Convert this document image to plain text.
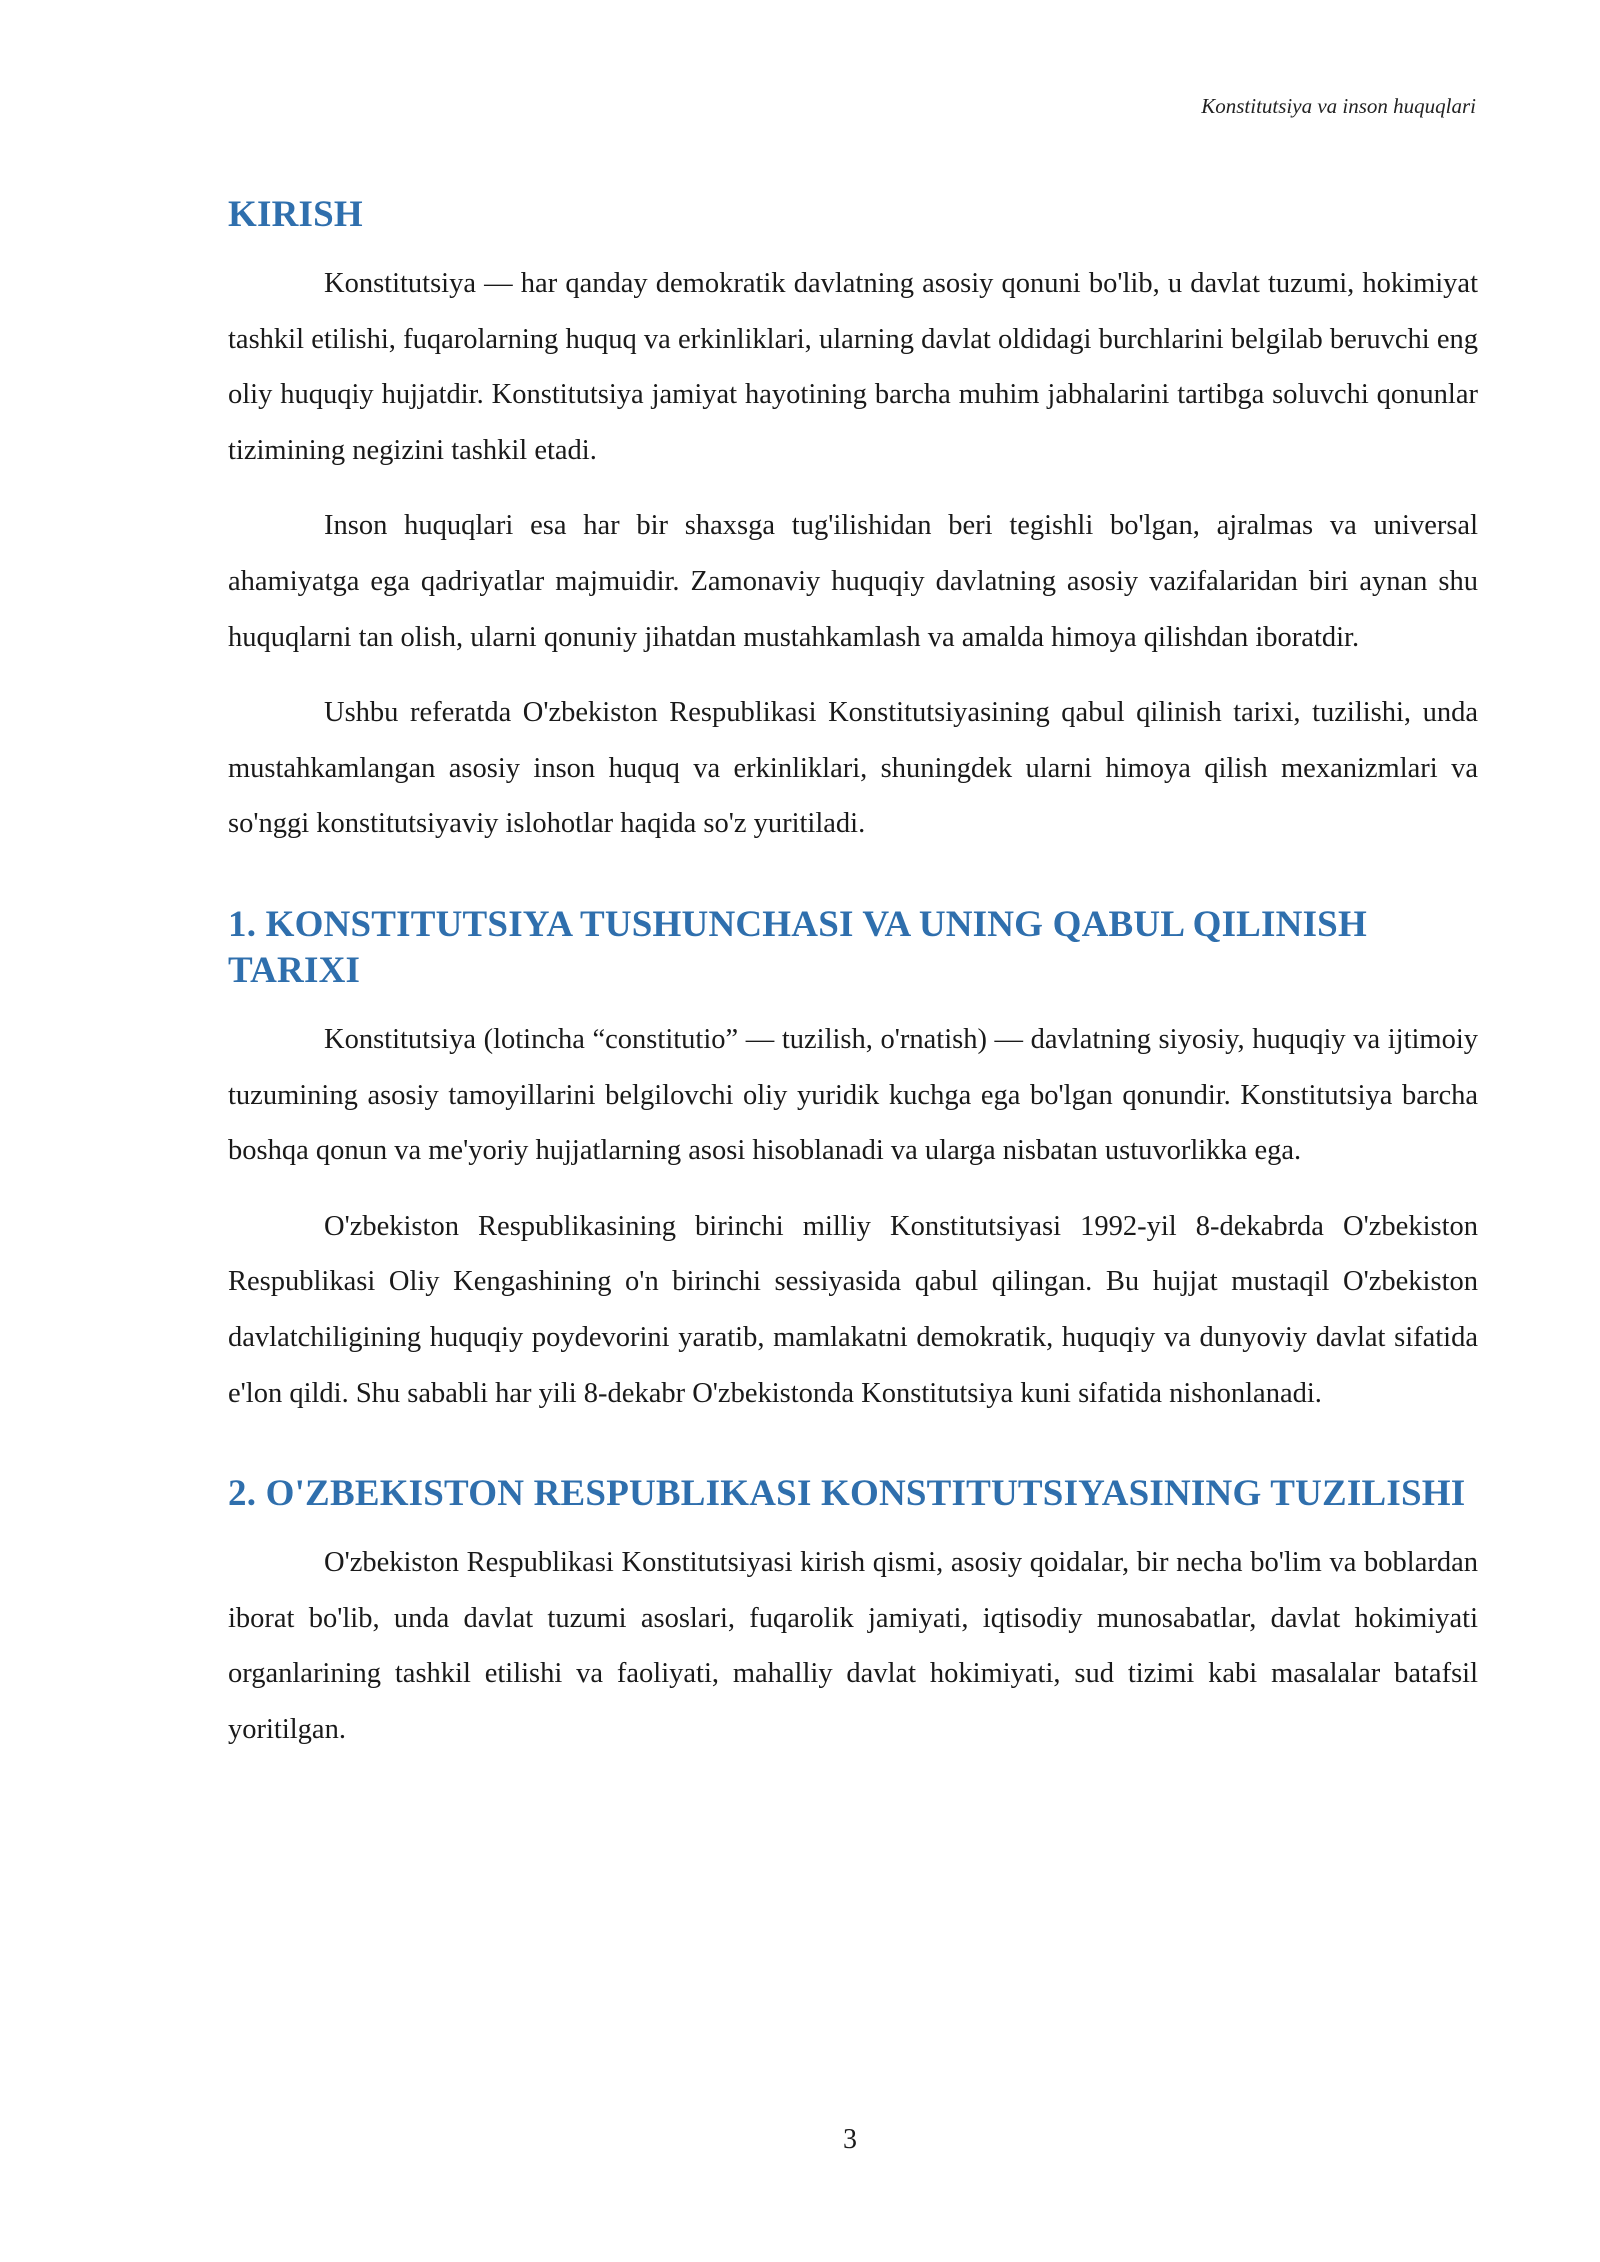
Konstitutsiya va inson huquqlari
KIRISH

Konstitutsiya — har qanday demokratik davlatning asosiy qonuni bo'lib, u davlat tuzumi, hokimiyat tashkil etilishi, fuqarolarning huquq va erkinliklari, ularning davlat oldidagi burchlarini belgilab beruvchi eng oliy huquqiy hujjatdir. Konstitutsiya jamiyat hayotining barcha muhim jabhalarini tartibga soluvchi qonunlar tizimining negizini tashkil etadi.

Inson huquqlari esa har bir shaxsga tug'ilishidan beri tegishli bo'lgan, ajralmas va universal ahamiyatga ega qadriyatlar majmuidir. Zamonaviy huquqiy davlatning asosiy vazifalaridan biri aynan shu huquqlarni tan olish, ularni qonuniy jihatdan mustahkamlash va amalda himoya qilishdan iboratdir.

Ushbu referatda O'zbekiston Respublikasi Konstitutsiyasining qabul qilinish tarixi, tuzilishi, unda mustahkamlangan asosiy inson huquq va erkinliklari, shuningdek ularni himoya qilish mexanizmlari va so'nggi konstitutsiyaviy islohotlar haqida so'z yuritiladi.

1. KONSTITUTSIYA TUSHUNCHASI VA UNING QABUL QILINISH TARIXI

Konstitutsiya (lotincha “constitutio” — tuzilish, o'rnatish) — davlatning siyosiy, huquqiy va ijtimoiy tuzumining asosiy tamoyillarini belgilovchi oliy yuridik kuchga ega bo'lgan qonundir. Konstitutsiya barcha boshqa qonun va me'yoriy hujjatlarning asosi hisoblanadi va ularga nisbatan ustuvorlikka ega.

O'zbekiston Respublikasining birinchi milliy Konstitutsiyasi 1992-yil 8-dekabrda O'zbekiston Respublikasi Oliy Kengashining o'n birinchi sessiyasida qabul qilingan. Bu hujjat mustaqil O'zbekiston davlatchiligining huquqiy poydevorini yaratib, mamlakatni demokratik, huquqiy va dunyoviy davlat sifatida e'lon qildi. Shu sababli har yili 8-dekabr O'zbekistonda Konstitutsiya kuni sifatida nishonlanadi.

2. O'ZBEKISTON RESPUBLIKASI KONSTITUTSIYASINING TUZILISHI

O'zbekiston Respublikasi Konstitutsiyasi kirish qismi, asosiy qoidalar, bir necha bo'lim va boblardan iborat bo'lib, unda davlat tuzumi asoslari, fuqarolik jamiyati, iqtisodiy munosabatlar, davlat hokimiyati organlarining tashkil etilishi va faoliyati, mahalliy davlat hokimiyati, sud tizimi kabi masalalar batafsil yoritilgan.

3
